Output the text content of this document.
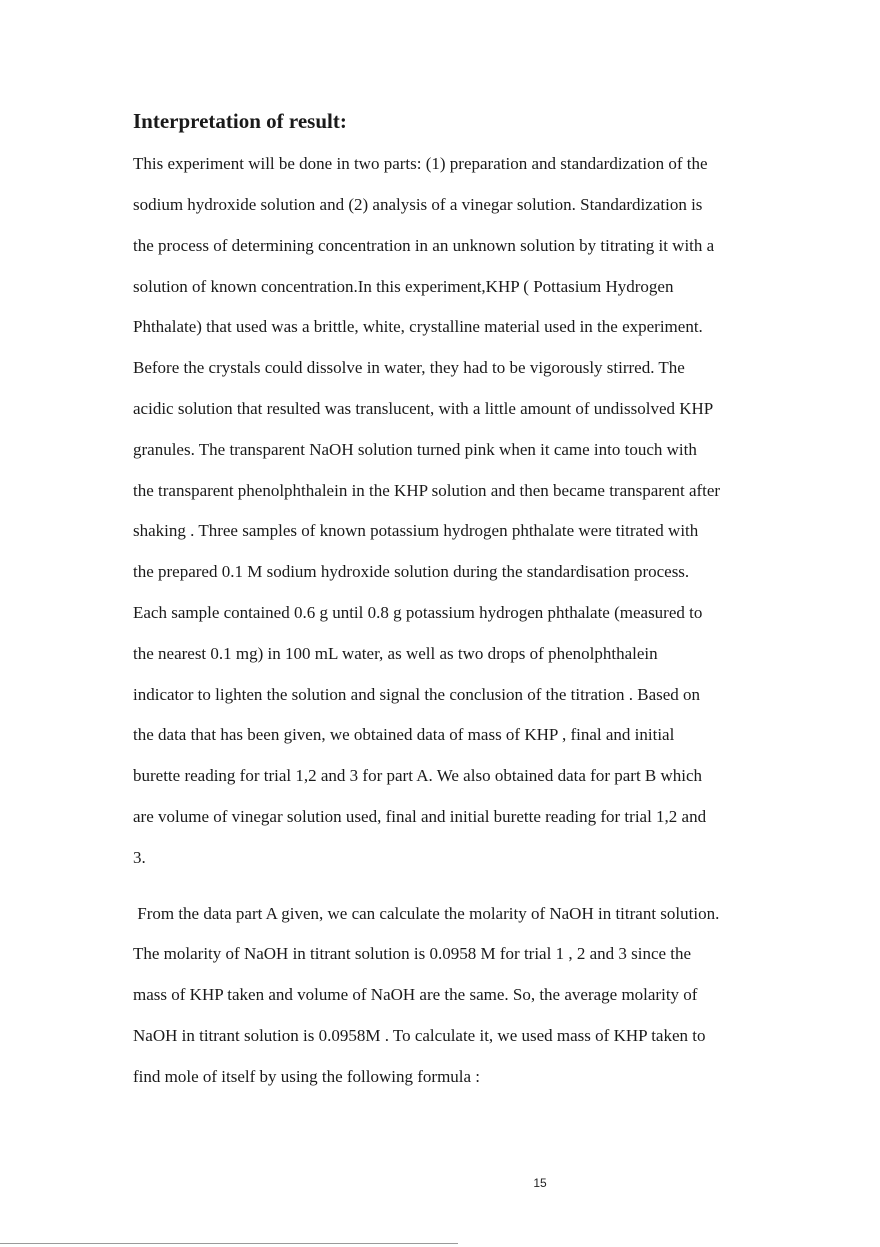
Interpretation of result:

This experiment will be done in two parts: (1) preparation and standardization of the

sodium hydroxide solution and (2) analysis of a vinegar solution. Standardization is

the process of determining concentration in an unknown solution by titrating it with a

solution of known concentration.In this experiment,KHP ( Pottasium Hydrogen

Phthalate) that used was a brittle, white, crystalline material used in the experiment.

Before the crystals could dissolve in water, they had to be vigorously stirred. The

acidic solution that resulted was translucent, with a little amount of undissolved KHP

granules. The transparent NaOH solution turned pink when it came into touch with

the transparent phenolphthalein in the KHP solution and then became transparent after

shaking . Three samples of known potassium hydrogen phthalate were titrated with

the prepared 0.1 M sodium hydroxide solution during the standardisation process.

Each sample contained 0.6 g until 0.8 g potassium hydrogen phthalate (measured to

the nearest 0.1 mg) in 100 mL water, as well as two drops of phenolphthalein

indicator to lighten the solution and signal the conclusion of the titration . Based on

the data that has been given, we obtained data of mass of KHP , final and initial

burette reading for trial 1,2 and 3 for part A. We also obtained data for part B which

are volume of vinegar solution used, final and initial burette reading for trial 1,2 and

3.

From the data part A given, we can calculate the molarity of NaOH in titrant solution.

The molarity of NaOH in titrant solution is 0.0958 M for trial 1 , 2 and 3 since the

mass of KHP taken and volume of NaOH are the same. So, the average molarity of

NaOH in titrant solution is 0.0958M . To calculate it, we used mass of KHP taken to

find mole of itself by using the following formula :

15
